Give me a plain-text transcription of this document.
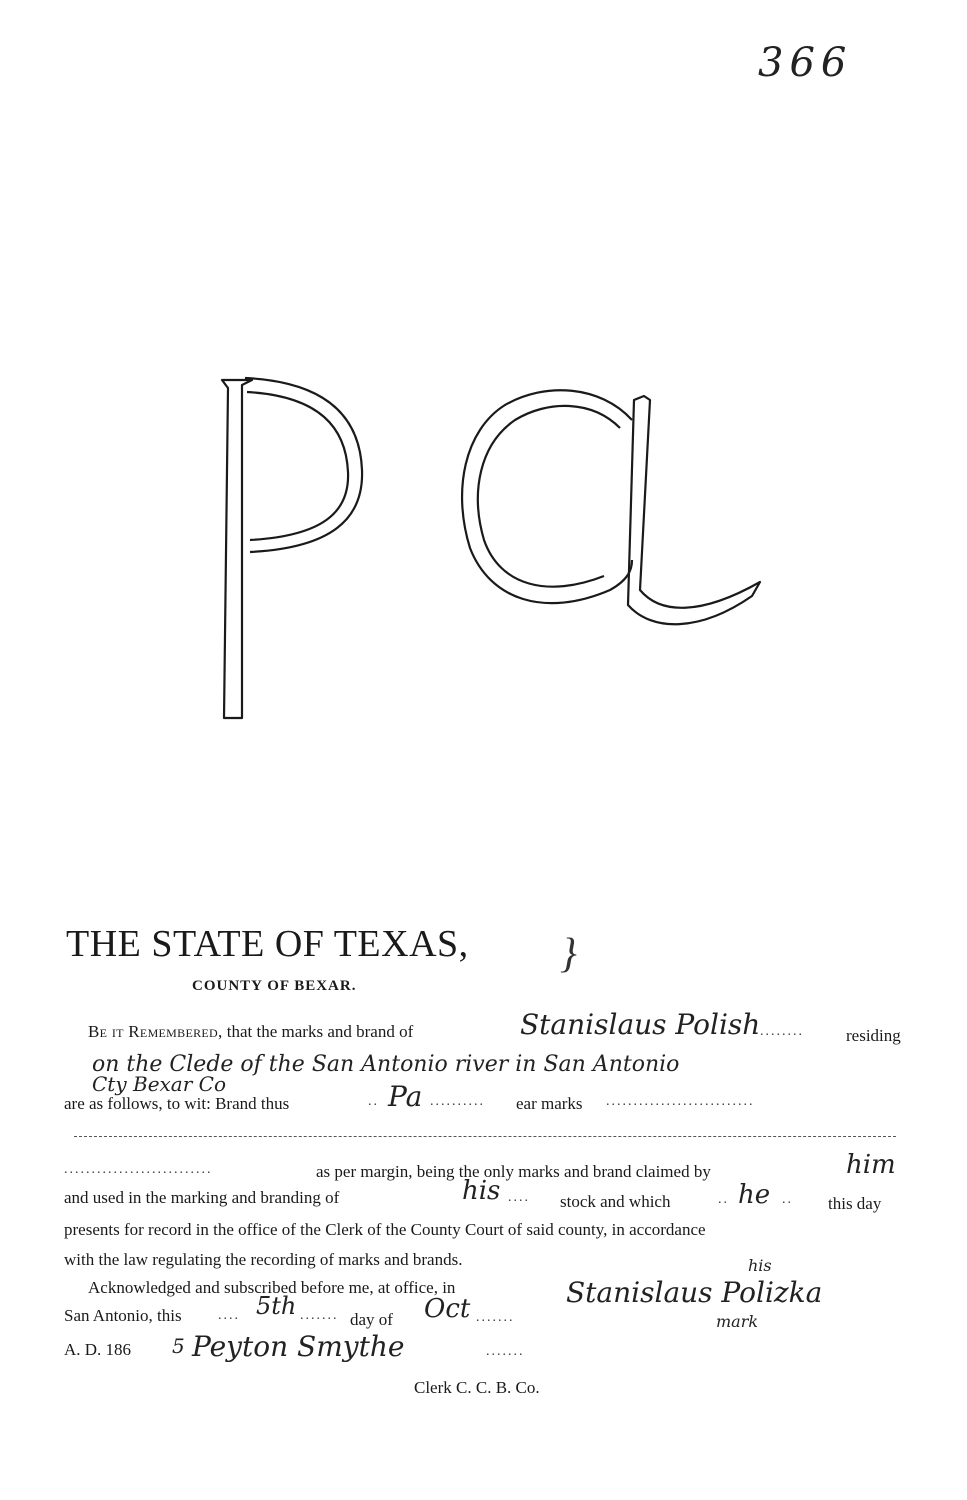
366
THE STATE OF TEXAS, }
COUNTY OF BEXAR.
Be it Remembered, that the marks and brand of	Stanislaus Polish ........ residing
on the Clede of the San Antonio river in San Antonio
Cty Bexar Co
are as follows, to wit: Brand thus	.. Pa .......... ear marks ...........................
...........................	as per margin, being the only marks and brand claimed by	him
and used in the marking and branding of	his .... stock and which	.. he .. this day
presents for record in the office of the Clerk of the County Court of said county, in accordance
with the law regulating the recording of marks and brands.
Acknowledged and subscribed before me, at office, in	Stanislaus Polizka
his
mark
San Antonio, this	.... 5th ....... day of Oct .......
A. D. 186 5 Peyton Smythe	.......
Clerk C. C. B. Co.
